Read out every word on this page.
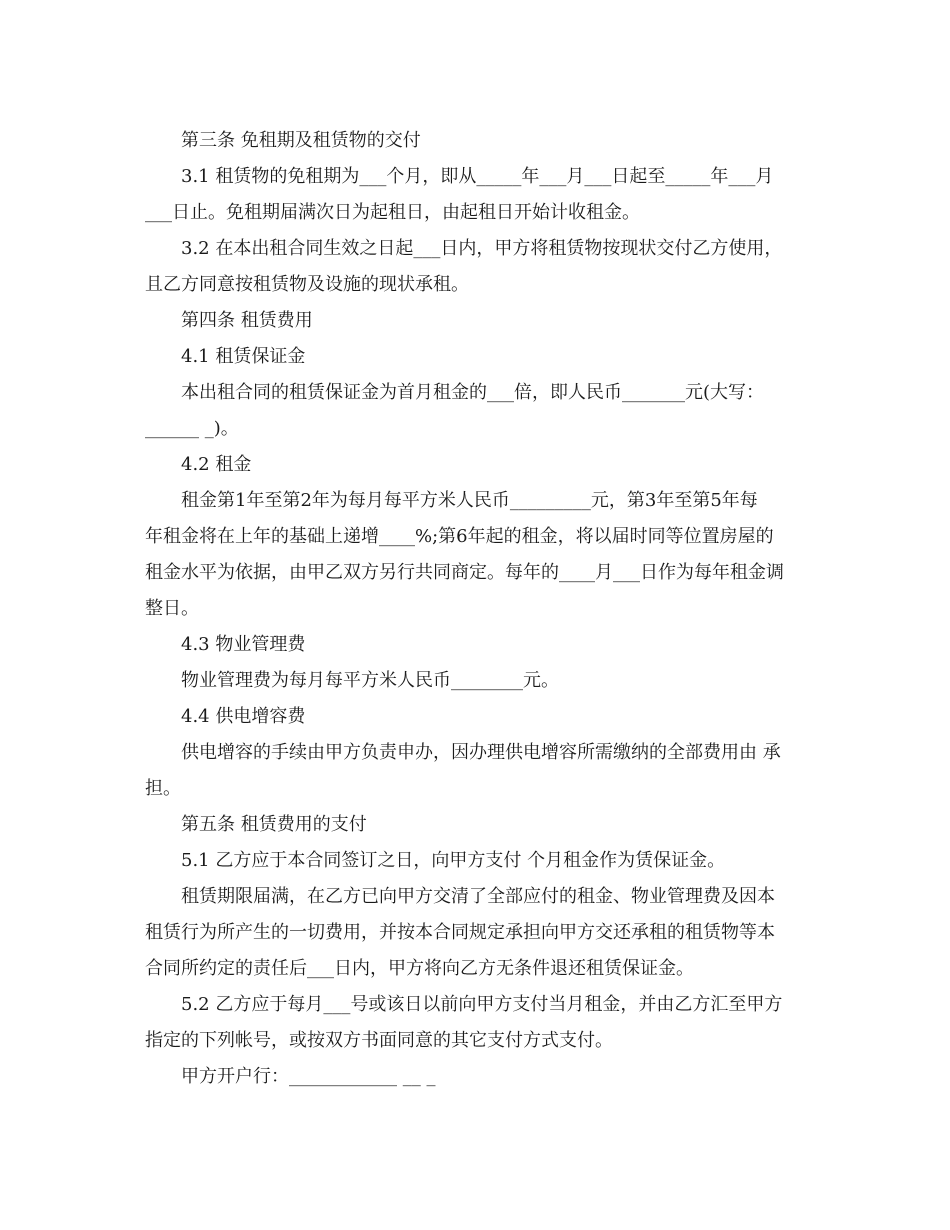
第三条 免租期及租赁物的交付
3.1 租赁物的免租期为___个月，即从_____年___月___日起至_____年___月
___日止。免租期届满次日为起租日，由起租日开始计收租金。
3.2 在本出租合同生效之日起___日内，甲方将租赁物按现状交付乙方使用，
且乙方同意按租赁物及设施的现状承租。
第四条 租赁费用
4.1 租赁保证金
本出租合同的租赁保证金为首月租金的___倍，即人民币_______元(大写：
______ _)。
4.2 租金
租金第1年至第2年为每月每平方米人民币_________元，第3年至第5年每
年租金将在上年的基础上递增____%;第6年起的租金，将以届时同等位置房屋的
租金水平为依据，由甲乙双方另行共同商定。每年的____月___日作为每年租金调
整日。
4.3 物业管理费
物业管理费为每月每平方米人民币________元。
4.4 供电增容费
供电增容的手续由甲方负责申办，因办理供电增容所需缴纳的全部费用由 承
担。
第五条 租赁费用的支付
5.1 乙方应于本合同签订之日，向甲方支付 个月租金作为赁保证金。
租赁期限届满，在乙方已向甲方交清了全部应付的租金、物业管理费及因本
租赁行为所产生的一切费用，并按本合同规定承担向甲方交还承租的租赁物等本
合同所约定的责任后___日内，甲方将向乙方无条件退还租赁保证金。
5.2 乙方应于每月___号或该日以前向甲方支付当月租金，并由乙方汇至甲方
指定的下列帐号，或按双方书面同意的其它支付方式支付。
甲方开户行：____________ __ _
